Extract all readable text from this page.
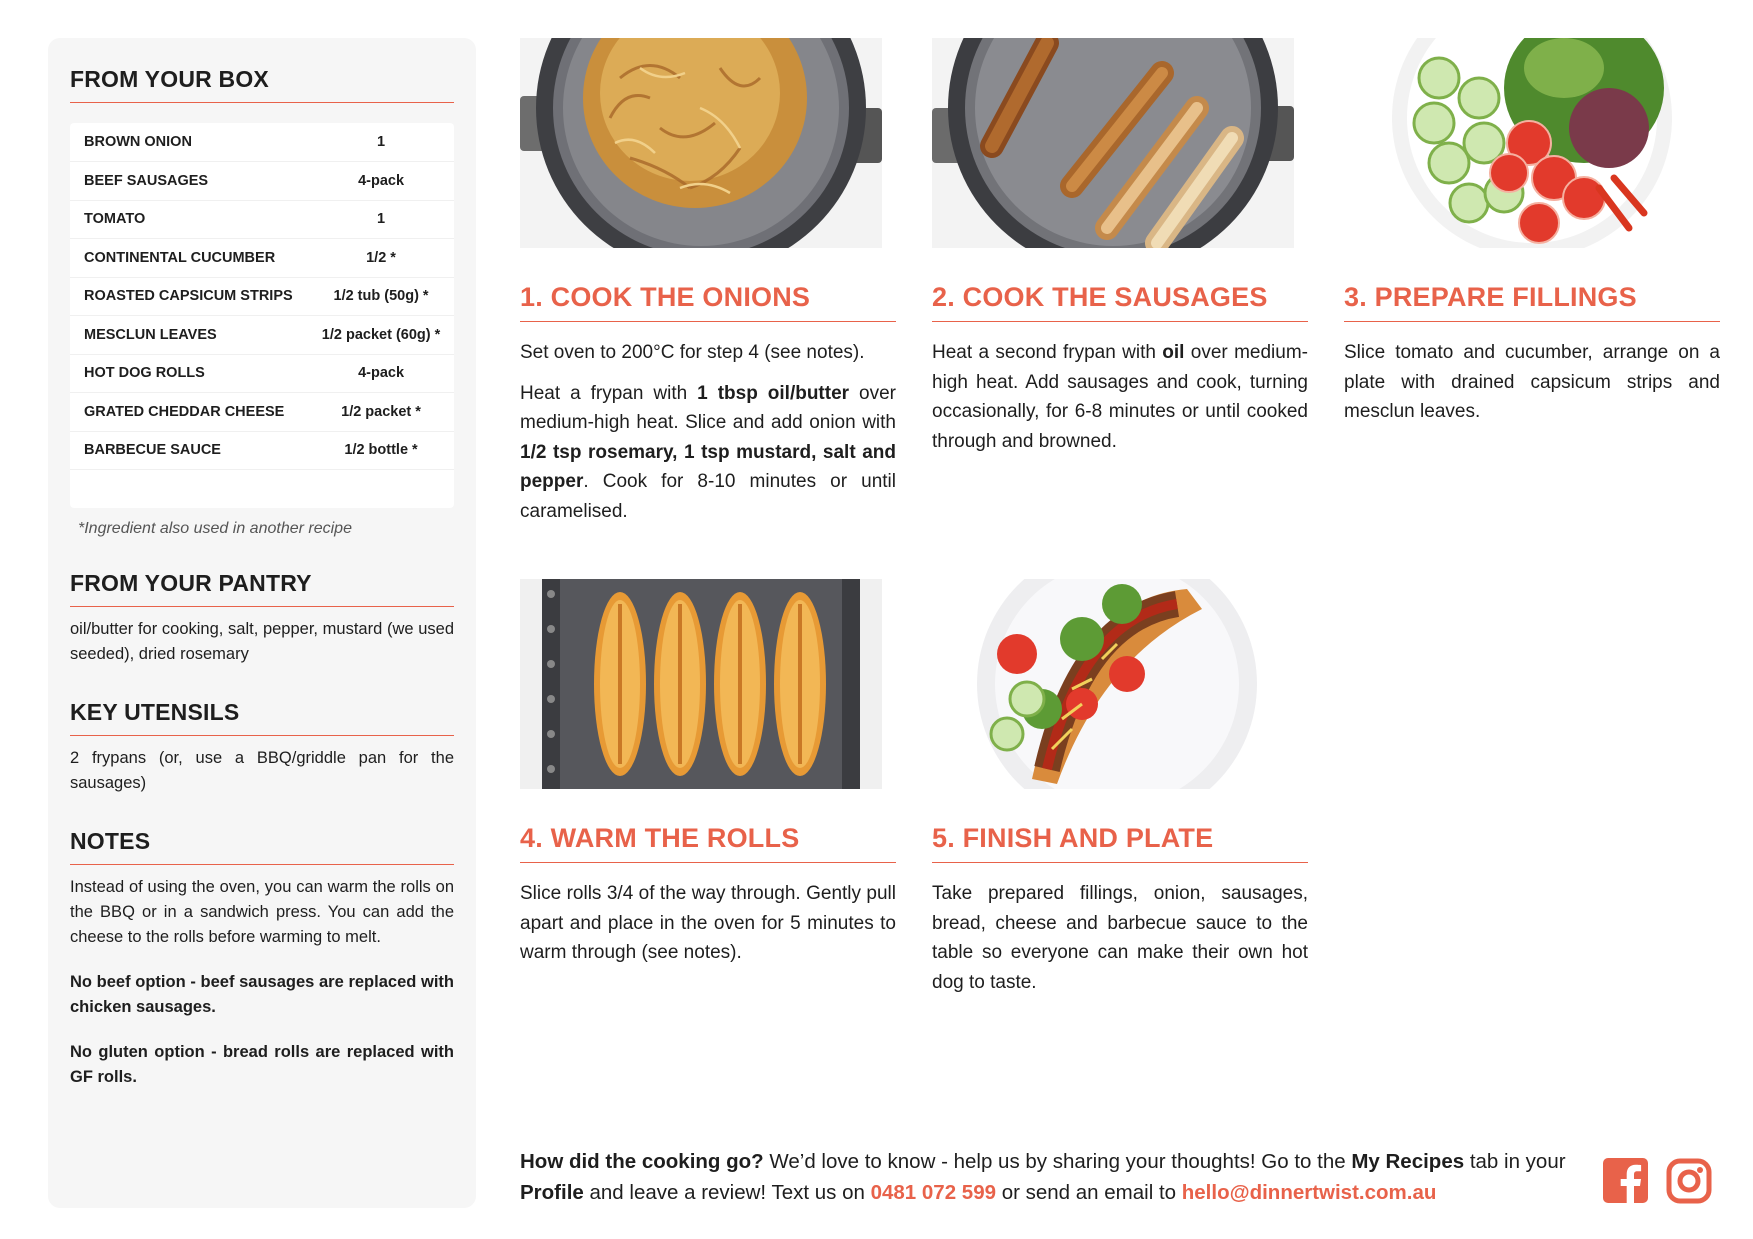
FROM YOUR BOX
BROWN ONION	1
BEEF SAUSAGES	4-pack
TOMATO	1
CONTINENTAL CUCUMBER	1/2 *
ROASTED CAPSICUM STRIPS	1/2 tub (50g) *
MESCLUN LEAVES	1/2 packet (60g) *
HOT DOG ROLLS	4-pack
GRATED CHEDDAR CHEESE	1/2 packet *
BARBECUE SAUCE	1/2 bottle *

*Ingredient also used in another recipe
FROM YOUR PANTRY
oil/butter for cooking, salt, pepper, mustard (we used seeded), dried rosemary
KEY UTENSILS
2 frypans (or, use a BBQ/griddle pan for the sausages)
NOTES
Instead of using the oven, you can warm the rolls on the BBQ or in a sandwich press. You can add the cheese to the rolls before warming to melt.
No beef option - beef sausages are replaced with chicken sausages.
No gluten option - bread rolls are replaced with GF rolls.
1. COOK THE ONIONS

Set oven to 200°C for step 4 (see notes).

Heat a frypan with 1 tbsp oil/butter over medium-high heat. Slice and add onion with 1/2 tsp rosemary, 1 tsp mustard, salt and pepper. Cook for 8-10 minutes or until caramelised.

2. COOK THE SAUSAGES

Heat a second frypan with oil over medium-high heat. Add sausages and cook, turning occasionally, for 6-8 minutes or until cooked through and browned.

3. PREPARE FILLINGS

Slice tomato and cucumber, arrange on a plate with drained capsicum strips and mesclun leaves.

4. WARM THE ROLLS

Slice rolls 3/4 of the way through. Gently pull apart and place in the oven for 5 minutes to warm through (see notes).

5. FINISH AND PLATE

Take prepared fillings, onion, sausages, bread, cheese and barbecue sauce to the table so everyone can make their own hot dog to taste.

How did the cooking go? We’d love to know - help us by sharing your thoughts! Go to the My Recipes tab in your Profile and leave a review! Text us on 0481 072 599 or send an email to hello@dinnertwist.com.au
